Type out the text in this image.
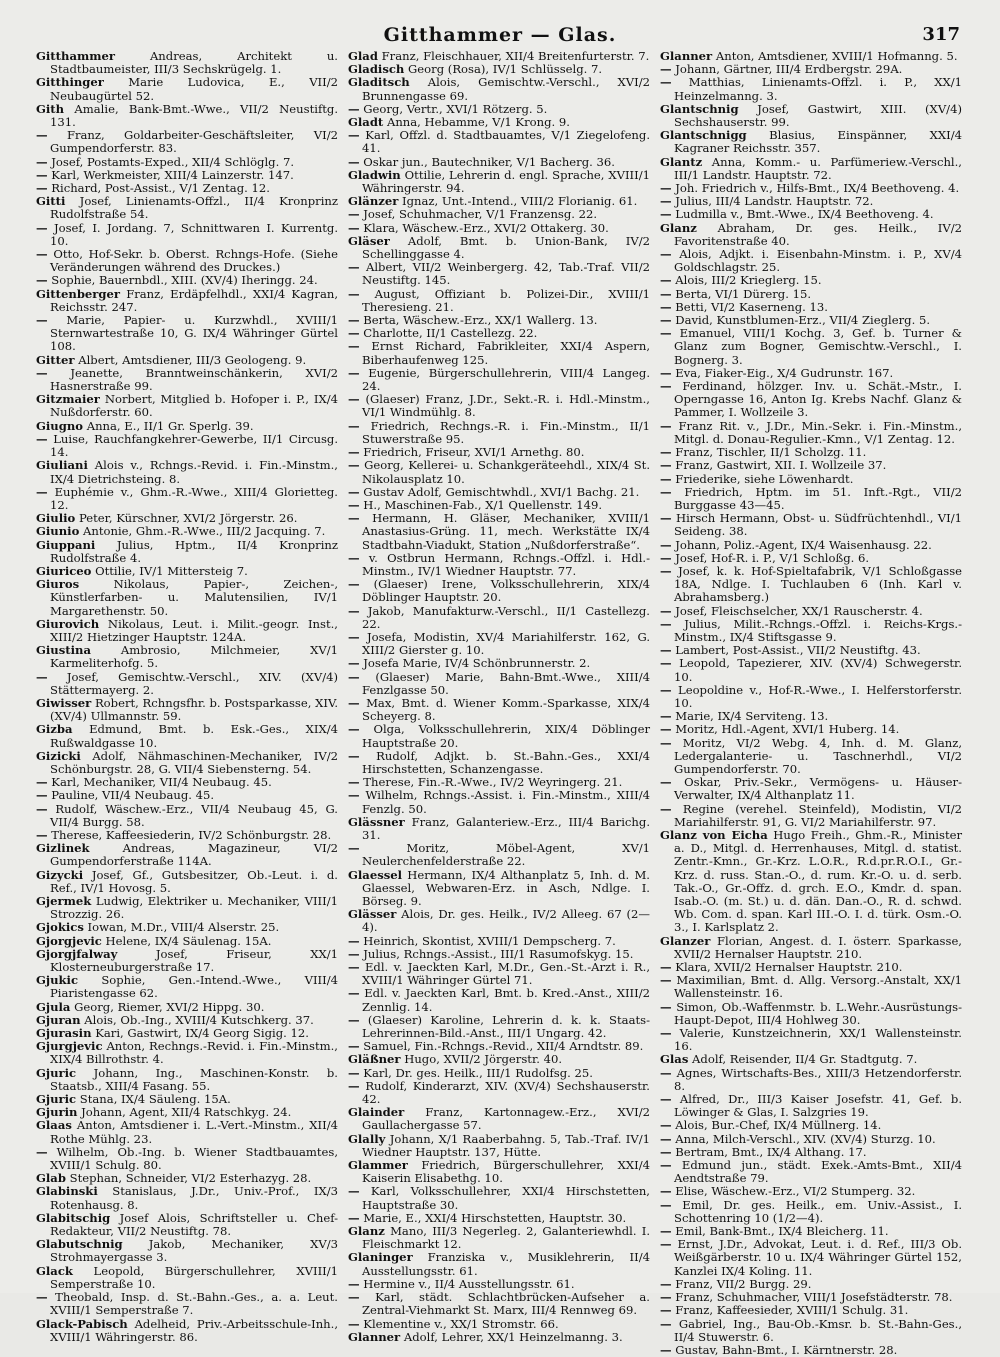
Gitthammer — Glas.	317

Gitthammer	Andreas, Architekt u. Stadtbaumeister, III/3 Sechskrügelg. 1.

Gitthinger Marie Ludovica, E., VII/2 Neubaugürtel 52.

Gith Amalie, Bank-Bmt.-Wwe., VII/2 Neustiftg. 131.

— Franz, Goldarbeiter-Geschäftsleiter, VI/2 Gumpendorferstr. 83.

— Josef, Postamts-Exped., XII/4 Schlöglg. 7.

— Karl, Werkmeister, XIII/4 Lainzerstr. 147.

— Richard, Post-Assist., V/1 Zentag. 12.

Gitti Josef, Linienamts-Offzl., II/4 Kronprinz Rudolfstraße 54.

— Josef, I. Jordang. 7, Schnittwaren I. Kurrentg. 10.

— Otto, Hof-Sekr. b. Oberst. Rchngs-Hofe. (Siehe Veränderungen während des Druckes.)

— Sophie, Bauernbdl., XIII. (XV/4) Iheringg. 24.

Gittenberger Franz, Erdäpfelhdl., XXI/4 Kagran, Reichsstr. 247.

— Marie, Papier- u. Kurzwhdl., XVIII/1 Sternwartestraße 10, G. IX/4 Währinger Gürtel 108.

Gitter Albert, Amtsdiener, III/3 Geologeng. 9.

— Jeanette, Branntweinschänkerin, XVI/2 Hasnerstraße 99.

Gitzmaier Norbert, Mitglied b. Hofoper i. P., IX/4 Nußdorferstr. 60.

Giugno Anna, E., II/1 Gr. Sperlg. 39.

— Luise, Rauchfangkehrer-Gewerbe, II/1 Circusg. 14.

Giuliani Alois v., Rchngs.-Revid. i. Fin.-Minstm., IX/4 Dietrichsteing. 8.

— Euphémie v., Ghm.-R.-Wwe., XIII/4 Glorietteg. 12.

Giulio Peter, Kürschner, XVI/2 Jörgerstr. 26.

Giunio Antonie, Ghm.-R.-Wwe., III/2 Jacquing. 7.

Giuppani Julius, Hptm., II/4 Kronprinz Rudolfstraße 4.

Giuriceo Ottilie, IV/1 Mittersteig 7.

Giuros	Nikolaus, Papier-, Zeichen-, Künstlerfarben- u. Malutensilien, IV/1 Margarethenstr. 50.

Giurovich Nikolaus, Leut. i. Milit.-geogr. Inst., XIII/2 Hietzinger Hauptstr. 124A.

Giustina	Ambrosio, Milchmeier, XV/1 Karmeliterhofg. 5.

— Josef, Gemischtw.-Verschl., XIV. (XV/4) Stättermayerg. 2.

Giwisser Robert, Rchngsfhr. b. Postsparkasse, XIV. (XV/4) Ullmannstr. 59.

Gizba Edmund, Bmt. b. Esk.-Ges., XIX/4 Rußwaldgasse 10.

Gizicki Adolf, Nähmaschinen-Mechaniker, IV/2 Schönburgstr. 28, G. VII/4 Siebensterng. 54.

— Karl, Mechaniker, VII/4 Neubaug. 45.

— Pauline, VII/4 Neubaug. 45.

— Rudolf, Wäschew.-Erz., VII/4 Neubaug 45, G. VII/4 Burgg. 58.

— Therese, Kaffeesiederin, IV/2 Schönburgstr. 28.

Gizlinek	Andreas, Magazineur, VI/2 Gumpendorferstraße 114A.

Gizycki Josef, Gf., Gutsbesitzer, Ob.-Leut. i. d. Ref., IV/1 Hovosg. 5.

Gjermek Ludwig, Elektriker u. Mechaniker, VIII/1 Strozzig. 26.

Gjokics Iowan, M.Dr., VIII/4 Alserstr. 25.

Gjorgjevic Helene, IX/4 Säulenag. 15A.

Gjorgjfalway	Josef, Friseur, XX/1 Klosterneuburgerstraße 17.

Gjukic Sophie, Gen.-Intend.-Wwe., VIII/4 Piaristengasse 62.

Gjula Georg, Riemer, XVI/2 Hippg. 30.

Gjuran Alois, Ob.-Ing., XVIII/4 Kutschkerg. 37.

Gjurasin Kari, Gastwirt, IX/4 Georg Sigig. 12.

Gjurgjevic Anton, Rechngs.-Revid. i. Fin.-Minstm., XIX/4 Billrothstr. 4.

Gjuric Johann, Ing., Maschinen-Konstr. b. Staatsb., XIII/4 Fasang. 55.

Gjuric Stana, IX/4 Säuleng. 15A.

Gjurin Johann, Agent, XII/4 Ratschkyg. 24.

Glaas Anton, Amtsdiener i. L.-Vert.-Minstm., XII/4 Rothe Mühlg. 23.

— Wilhelm, Ob.-Ing. b. Wiener Stadtbauamtes, XVIII/1 Schulg. 80.

Glab Stephan, Schneider, VI/2 Esterhazyg. 28.

Glabinski Stanislaus, J.Dr., Univ.-Prof., IX/3 Rotenhausg. 8.

Glabitschig Josef Alois, Schriftsteller u. Chef-Redakteur, VII/2 Neustiftg. 78.

Glabutschnig Jakob, Mechaniker, XV/3 Strohmayergasse 3.

Glack Leopold, Bürgerschullehrer, XVIII/1 Semperstraße 10.

— Theobald, Insp. d. St.-Bahn.-Ges., a. a. Leut. XVIII/1 Semperstraße 7.

Glack-Pabisch Adelheid, Priv.-Arbeitsschule-Inh., XVIII/1 Währingerstr. 86.

Glad Franz, Fleischhauer, XII/4 Breitenfurterstr. 7.

Gladisch Georg (Rosa), IV/1 Schlüsselg. 7.

Gladitsch Alois, Gemischtw.-Verschl., XVI/2 Brunnengasse 69.

— Georg, Vertr., XVI/1 Rötzerg. 5.

Gladt Anna, Hebamme, V/1 Krong. 9.

— Karl, Offzl. d. Stadtbauamtes, V/1 Ziegelofeng. 41.

— Oskar jun., Bautechniker, V/1 Bacherg. 36.

Gladwin Ottilie, Lehrerin d. engl. Sprache, XVIII/1 Währingerstr. 94.

Glänzer Ignaz, Unt.-Intend., VIII/2 Florianig. 61.

— Josef, Schuhmacher, V/1 Franzensg. 22.

— Klara, Wäschew.-Erz., XVI/2 Ottakerg. 30.

Gläser Adolf, Bmt. b. Union-Bank, IV/2 Schellinggasse 4.

— Albert, VII/2 Weinbergerg. 42, Tab.-Traf. VII/2 Neustiftg. 145.

— August, Offiziant b. Polizei-Dir., XVIII/1 Theresieng. 21.

— Berta, Wäschew.-Erz., XX/1 Wallerg. 13.

— Charlotte, II/1 Castellezg. 22.

— Ernst Richard, Fabrikleiter, XXI/4 Aspern, Biberhaufenweg 125.

— Eugenie, Bürgerschullehrerin, VIII/4 Langeg. 24.

— (Glaeser) Franz, J.Dr., Sekt.-R. i. Hdl.-Minstm., VI/1 Windmühlg. 8.

— Friedrich, Rechngs.-R. i. Fin.-Minstm., II/1 Stuwerstraße 95.

— Friedrich, Friseur, XVI/1 Arnethg. 80.

— Georg, Kellerei- u. Schankgeräteehdl., XIX/4 St. Nikolausplatz 10.

— Gustav Adolf, Gemischtwhdl., XVI/1 Bachg. 21.

— H., Maschinen-Fab., X/1 Quellenstr. 149.

— Hermann, H. Gläser, Mechaniker, XVIII/1 Anastasius-Grüng. 11, mech. Werkstätte IX/4 Stadtbahn-Viadukt, Station „Nußdorferstraße“.

— v. Ostbrun Hermann, Rchngs.-Offzl. i. Hdl.-Minstm., IV/1 Wiedner Hauptstr. 77.

— (Glaeser) Irene, Volksschullehrerin, XIX/4 Döblinger Hauptstr. 20.

— Jakob, Manufakturw.-Verschl., II/1 Castellezg. 22.

— Josefa, Modistin, XV/4 Mariahilferstr. 162, G. XIII/2 Gierster g. 10.

— Josefa Marie, IV/4 Schönbrunnerstr. 2.

— (Glaeser) Marie, Bahn-Bmt.-Wwe., XIII/4 Fenzlgasse 50.

— Max, Bmt. d. Wiener Komm.-Sparkasse, XIX/4 Scheyerg. 8.

— Olga, Volksschullehrerin, XIX/4 Döblinger Hauptstraße 20.

— Rudolf, Adjkt. b. St.-Bahn.-Ges., XXI/4 Hirschstetten, Schanzengasse.

— Therese, Fin.-R.-Wwe., IV/2 Weyringerg. 21.

— Wilhelm, Rchngs.-Assist. i. Fin.-Minstm., XIII/4 Fenzlg. 50.

Glässner Franz, Galanteriew.-Erz., III/4 Barichg. 31.

—	Moritz, Möbel-Agent, XV/1 Neulerchenfelderstraße 22.

Glaessel Hermann, IX/4 Althanplatz 5, Inh. d. M. Glaessel, Webwaren-Erz. in Asch, Ndlge. I. Börseg. 9.

Glässer Alois, Dr. ges. Heilk., IV/2 Alleeg. 67 (2—4).

— Heinrich, Skontist, XVIII/1 Dempscherg. 7.

— Julius, Rchngs.-Assist., III/1 Rasumofskyg. 15.

— Edl. v. Jaeckten Karl, M.Dr., Gen.-St.-Arzt i. R., XVIII/1 Währinger Gürtel 71.

— Edl. v. Jaeckten Karl, Bmt. b. Kred.-Anst., XIII/2 Zennlig. 14.

— (Glaeser) Karoline, Lehrerin d. k. k. Staats-Lehrerinnen-Bild.-Anst., III/1 Ungarg. 42.

— Samuel, Fin.-Rchngs.-Revid., XII/4 Arndtstr. 89.

Gläßner Hugo, XVII/2 Jörgerstr. 40.

— Karl, Dr. ges. Heilk., III/1 Rudolfsg. 25.

— Rudolf, Kinderarzt, XIV. (XV/4) Sechshauserstr. 42.

Glainder Franz, Kartonnagew.-Erz., XVI/2 Gaullachergasse 57.

Glally Johann, X/1 Raaberbahng. 5, Tab.-Traf. IV/1 Wiedner Hauptstr. 137, Hütte.

Glammer Friedrich, Bürgerschullehrer, XXI/4 Kaiserin Elisabethg. 10.

— Karl, Volksschullehrer, XXI/4 Hirschstetten, Hauptstraße 30.

— Marie, E., XXI/4 Hirschstetten, Hauptstr. 30.

Glanz Mano, III/3 Negerleg. 2, Galanteriewhdl. I. Fleischmarkt 12.

Glaninger Franziska v., Musiklehrerin, II/4 Ausstellungsstr. 61.

— Hermine v., II/4 Ausstellungsstr. 61.

— Karl, städt. Schlachtbrücken-Aufseher a. Zentral-Viehmarkt St. Marx, III/4 Rennweg 69.

— Klementine v., XX/1 Stromstr. 66.

Glanner Adolf, Lehrer, XX/1 Heinzelmanng. 3.

Glanner Anton, Amtsdiener, XVIII/1 Hofmanng. 5.

— Johann, Gärtner, III/4 Erdbergstr. 29A.

— Matthias, Linienamts-Offzl. i. P., XX/1 Heinzelmanng. 3.

Glantschnig Josef, Gastwirt, XIII. (XV/4) Sechshauserstr. 99.

Glantschnigg Blasius, Einspänner, XXI/4 Kagraner Reichsstr. 357.

Glantz Anna, Komm.- u. Parfümeriew.-Verschl., III/1 Landstr. Hauptstr. 72.

— Joh. Friedrich v., Hilfs-Bmt., IX/4 Beethoveng. 4.

— Julius, III/4 Landstr. Hauptstr. 72.

— Ludmilla v., Bmt.-Wwe., IX/4 Beethoveng. 4.

Glanz Abraham, Dr. ges. Heilk., IV/2 Favoritenstraße 40.

— Alois, Adjkt. i. Eisenbahn-Minstm. i. P., XV/4 Goldschlagstr. 25.

— Alois, III/2 Krieglerg. 15.

— Berta, VI/1 Dürerg. 15.

— Betti, VI/2 Kaserneng. 13.

— David, Kunstblumen-Erz., VII/4 Zieglerg. 5.

— Emanuel, VIII/1 Kochg. 3, Gef. b. Turner & Glanz zum Bogner, Gemischtw.-Verschl., I. Bognerg. 3.

— Eva, Fiaker-Eig., X/4 Gudrunstr. 167.

— Ferdinand, hölzger. Inv. u. Schät.-Mstr., I. Operngasse 16, Anton Ig. Krebs Nachf. Glanz & Pammer, I. Wollzeile 3.

— Franz Rit. v., J.Dr., Min.-Sekr. i. Fin.-Minstm., Mitgl. d. Donau-Regulier.-Kmn., V/1 Zentag. 12.

— Franz, Tischler, II/1 Scholzg. 11.

— Franz, Gastwirt, XII. I. Wollzeile 37.

— Friederike, siehe Löwenhardt.

— Friedrich, Hptm. im 51. Inft.-Rgt., VII/2 Burggasse 43—45.

— Hirsch Hermann, Obst- u. Südfrüchtenhdl., VI/1 Seideng. 38.

— Johann, Poliz.-Agent, IX/4 Waisenhausg. 22.

— Josef, Hof-R. i. P., V/1 Schloßg. 6.

— Josef, k. k. Hof-Spieltafabrik, V/1 Schloßgasse 18A, Ndlge. I. Tuchlauben 6 (Inh. Karl v. Abrahamsberg.)

— Josef, Fleischselcher, XX/1 Rauscherstr. 4.

— Julius, Milit.-Rchngs.-Offzl. i. Reichs-Krgs.-Minstm., IX/4 Stiftsgasse 9.

— Lambert, Post-Assist., VII/2 Neustiftg. 43.

— Leopold, Tapezierer, XIV. (XV/4) Schwegerstr. 10.

— Leopoldine v., Hof-R.-Wwe., I. Helferstorferstr. 10.

— Marie, IX/4 Serviteng. 13.

— Moritz, Hdl.-Agent, XVI/1 Huberg. 14.

— Moritz, VI/2 Webg. 4, Inh. d. M. Glanz, Ledergalanterie- u. Taschnerhdl., VI/2 Gumpendorferstr. 70.

— Oskar, Priv.-Sekr., Vermögens- u. Häuser-Verwalter, IX/4 Althanplatz 11.

— Regine (verehel. Steinfeld), Modistin, VI/2 Mariahilferstr. 91, G. VI/2 Mariahilferstr. 97.

Glanz von Eicha Hugo Freih., Ghm.-R., Minister a. D., Mitgl. d. Herrenhauses, Mitgl. d. statist. Zentr.-Kmn., Gr.-Krz. L.O.R., R.d.pr.R.O.I., Gr.-Krz. d. russ. Stan.-O., d. rum. Kr.-O. u. d. serb. Tak.-O., Gr.-Offz. d. grch. E.O., Kmdr. d. span. Isab.-O. (m. St.) u. d. dän. Dan.-O., R. d. schwd. Wb. Com. d. span. Karl III.-O. I. d. türk. Osm.-O. 3., I. Karlsplatz 2.

Glanzer Florian, Angest. d. I. österr. Sparkasse, XVII/2 Hernalser Hauptstr. 210.

— Klara, XVII/2 Hernalser Hauptstr. 210.

— Maximilian, Bmt. d. Allg. Versorg.-Anstalt, XX/1 Wallensteinstr. 16.

— Simon, Ob.-Waffenmstr. b. L.Wehr.-Ausrüstungs-Haupt-Depot, III/4 Hohlweg 30.

— Valerie, Kunstzeichnerin, XX/1 Wallensteinstr. 16.

Glas Adolf, Reisender, II/4 Gr. Stadtgutg. 7.

— Agnes, Wirtschafts-Bes., XIII/3 Hetzendorferstr. 8.

— Alfred, Dr., III/3 Kaiser Josefstr. 41, Gef. b. Löwinger & Glas, I. Salzgries 19.

— Alois, Bur.-Chef, IX/4 Müllnerg. 14.

— Anna, Milch-Verschl., XIV. (XV/4) Sturzg. 10.

— Bertram, Bmt., IX/4 Althang. 17.

— Edmund jun., städt. Exek.-Amts-Bmt., XII/4 Aendtstraße 79.

— Elise, Wäschew.-Erz., VI/2 Stumperg. 32.

— Emil, Dr. ges. Heilk., em. Univ.-Assist., I. Schottenring 10 (1/2—4).

— Emil, Bank-Bmt., IX/4 Bleicherg. 11.

— Ernst, J.Dr., Advokat, Leut. i. d. Ref., III/3 Ob. Weißgärberstr. 10 u. IX/4 Währinger Gürtel 152, Kanzlei IX/4 Koling. 11.

— Franz, VII/2 Burgg. 29.

— Franz, Schuhmacher, VIII/1 Josefstädterstr. 78.

— Franz, Kaffeesieder, XVIII/1 Schulg. 31.

— Gabriel, Ing., Bau-Ob.-Kmsr. b. St.-Bahn-Ges., II/4 Stuwerstr. 6.

— Gustav, Bahn-Bmt., I. Kärntnerstr. 28.
